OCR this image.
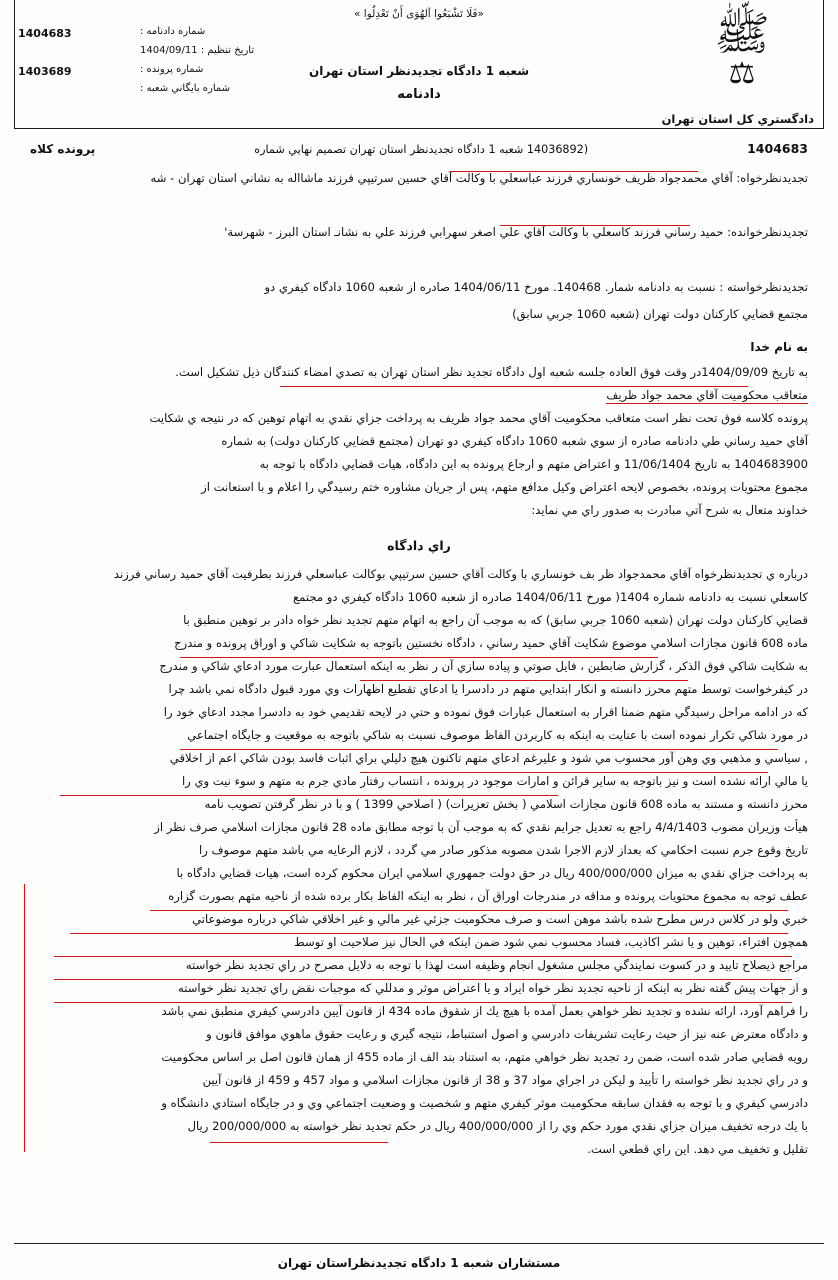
«فَلَا تَشْبَعُوا آلهُوَى أَنْ تَعْدِلُوا »
1404683
1403689
شماره دادنامه :
تاريخ تنظيم : 1404/09/11
شماره پرونده :
شماره بايگاني شعبه :
شعبه 1 دادگاه تجديدنظر استان تهران
دادنامه
ﷺ
⚖
دادگستري كل استان تهران
1404683
(14036892 شعبه 1 دادگاه تجديدنظر استان تهران تصميم نهايي شماره
پرونده كلاه

تجديدنظرخواه: آقاي محمدجواد ظريف خونساري فرزند عباسعلي با وكالت آقاي حسين سرتيپي فرزند ماشااله به نشاني استان تهران - شه

تجديدنظرخوانده: حميد رساني فرزند كاسعلي با وكالت آقاي علي اصغر سهرابي فرزند علي به نشانـ استان البرز - شهرسة'

تجديدنظرخواسته : نسبت به دادنامه شمار. 140468. مورخ 1404/06/11 صادره از شعبه 1060 دادگاه كيفري دو

مجتمع قضايي كاركنان دولت تهران (شعبه 1060 جربي سابق)

به نام خدا

به تاريخ 1404/09/09در وقت فوق العاده جلسه شعبه اول دادگاه تجديد نظر استان تهران به تصدي امضاء كنندگان ذيل تشكيل است.

متعاقب محكوميت آقاي محمد جواد ظريف

پرونده كلاسه فوق تحت نظر است متعاقب محكوميت آقاي محمد جواد ظريف به پرداخت جزاي نقدي به اتهام توهين كه در نتيجه ي شكايت

آقاي حميد رساني طي دادنامه صادره از سوي شعبه 1060 دادگاه كيفري دو تهران (مجتمع قضايي كاركنان دولت) به شماره

1404683900 به تاريخ 11/06/1404 و اعتراض متهم و ارجاع پرونده به اين دادگاه، هيات قضايي دادگاه با توجه به

مجموع محتويات پرونده، بخصوص لايحه اعتراض وكيل مدافع متهم، پس از جريان مشاوره ختم رسيدگي را اعلام و با استعانت از

خداوند متعال به شرح آتي مبادرت به صدور راي مي نمايد:

راي دادگاه

درباره ي تجديدنظرخواه آقاي محمدجواد ظر بف خونساري با وكالت آقاي حسين سرتيپي بوكالت عباسعلي فرزند بطرفيت آقاي حميد رساني فرزند

كاسعلي نسبت به دادنامه شماره 1404( مورخ 1404/06/11 صادره از شعبه 1060 دادگاه كيفري دو مجتمع

قضايي كاركنان دولت تهران (شعبه 1060 جربي سابق) كه به موجب آن راجع به اتهام متهم تجديد نظر خواه دادر بر توهين منطبق با

ماده 608 قانون مجازات اسلامي موضوع شكايت آقاي حميد رساني ، دادگاه نخستين باتوجه به شكايت شاكي و اوراق پرونده و مندرج

به شكايت شاكي فوق الذكر ، گزارش ضابطين ، فايل صوتي و پياده سازي آن ر نظر به اينكه استعمال عبارت مورد ادعاي شاكي و مندرج

در كيفرخواست توسط متهم محرز دانسته و انكار ابتدايي متهم در دادسرا يا ادعاي تقطيع اظهارات وي مورد قبول دادگاه نمي باشد چرا

كه در ادامه مراحل رسيدگي متهم ضمنا اقرار به استعمال عبارات فوق نموده و حتي در لايحه تقديمي خود به دادسرا مجدد ادعاي خود را

در مورد شاكي تكرار نموده است با عنايت به اينكه به كاربردن الفاظ موصوف نسبت به شاكي باتوجه به موقعيت و جايگاه اجتماعي

, سياسي و مذهبي وي وهن آور محسوب مي شود و عليرغم ادعاي متهم تاكنون هيچ دليلي براي اثبات فاسد بودن شاكي اعم از اخلاقي

يا مالي ارائه نشده است و نيز باتوجه به ساير قرائن و امارات موجود در پرونده ، انتساب رفتار مادي جرم به متهم و سوء نيت وي را

محرز دانسته و مستند به ماده 608 قانون مجازات اسلامي ( بخش تعزيرات) ( اصلاحي 1399 ) و با در نظر گرفتن تصويب نامه

هيأت وزيران مصوب 4/4/1403 راجع به تعديل جرايم نقدي كه به موجب آن با توجه مطابق ماده 28 قانون مجازات اسلامي صرف نظر از

تاريخ وقوع جرم نسبت احكامي كه بعداز لازم الاجرا شدن مصوبه مذكور صادر مي گردد ، لازم الرعايه مي باشد متهم موصوف را

به پرداخت جزاي نقدي به ميزان 400/000/000 ريال در حق دولت جمهوري اسلامي ايران محكوم كرده است، هيات قضايي دادگاه با

عطف توجه به مجموع محتويات پرونده و مداقه در مندرجات اوراق آن ، نظر به اينكه الفاظ بكار برده شده از ناحيه متهم بصورت گزاره

خبري ولو در كلاس درس مطرح شده باشد موهن است و صرف محكوميت جزئي غير مالي و غير اخلاقي شاكي درباره موضوعاتي

همچون افتراء، توهين و يا نشر اكاذيب، فساد محسوب نمي شود ضمن اينكه في الحال نيز صلاحيت او توسط

مراجع ذيصلاح تاييد و در كسوت نمايندگي مجلس مشغول انجام وظيفه است لهذا با توجه به دلايل مصرح در راي تجديد نظر خواسته

و از جهات پيش گفته نظر به اينكه از ناحيه تجديد نظر خواه ايراد و يا اعتراض موثر و مدللي كه موجبات نقض راي تجديد نظر خواسته

را فراهم آورد، ارائه نشده و تجديد نظر خواهي بعمل آمده با هيچ يك از شقوق ماده 434 از قانون آيين دادرسي كيفري منطبق نمي باشد

و دادگاه معترض عنه نيز از حيث رعايت تشريفات دادرسي و اصول استنباط، نتيجه گيري و رعايت حقوق ماهوي موافق قانون و

رويه قضايي صادر شده است، ضمن رد تجديد نظر خواهي متهم، به استناد بند الف از ماده 455 از همان قانون اصل بر اساس محكوميت

و در راي تجديد نظر خواسته را تأييد و ليكن در اجراي مواد 37 و 38 از قانون مجازات اسلامي و مواد 457 و 459 از قانون آيين

دادرسي كيفري و با توجه به فقدان سابقه محكوميت موثر كيفري متهم و شخصيت و وضعيت اجتماعي وي و در جايگاه استادي دانشگاه و

با يك درجه تخفيف ميزان جزاي نقدي مورد حكم وي را از 400/000/000 ريال در حكم تجديد نظر خواسته به 200/000/000 ريال

تقليل و تخفيف مي دهد. اين راي قطعي است.

مستشاران شعبه 1 دادگاه تجديدنظراستان تهران
